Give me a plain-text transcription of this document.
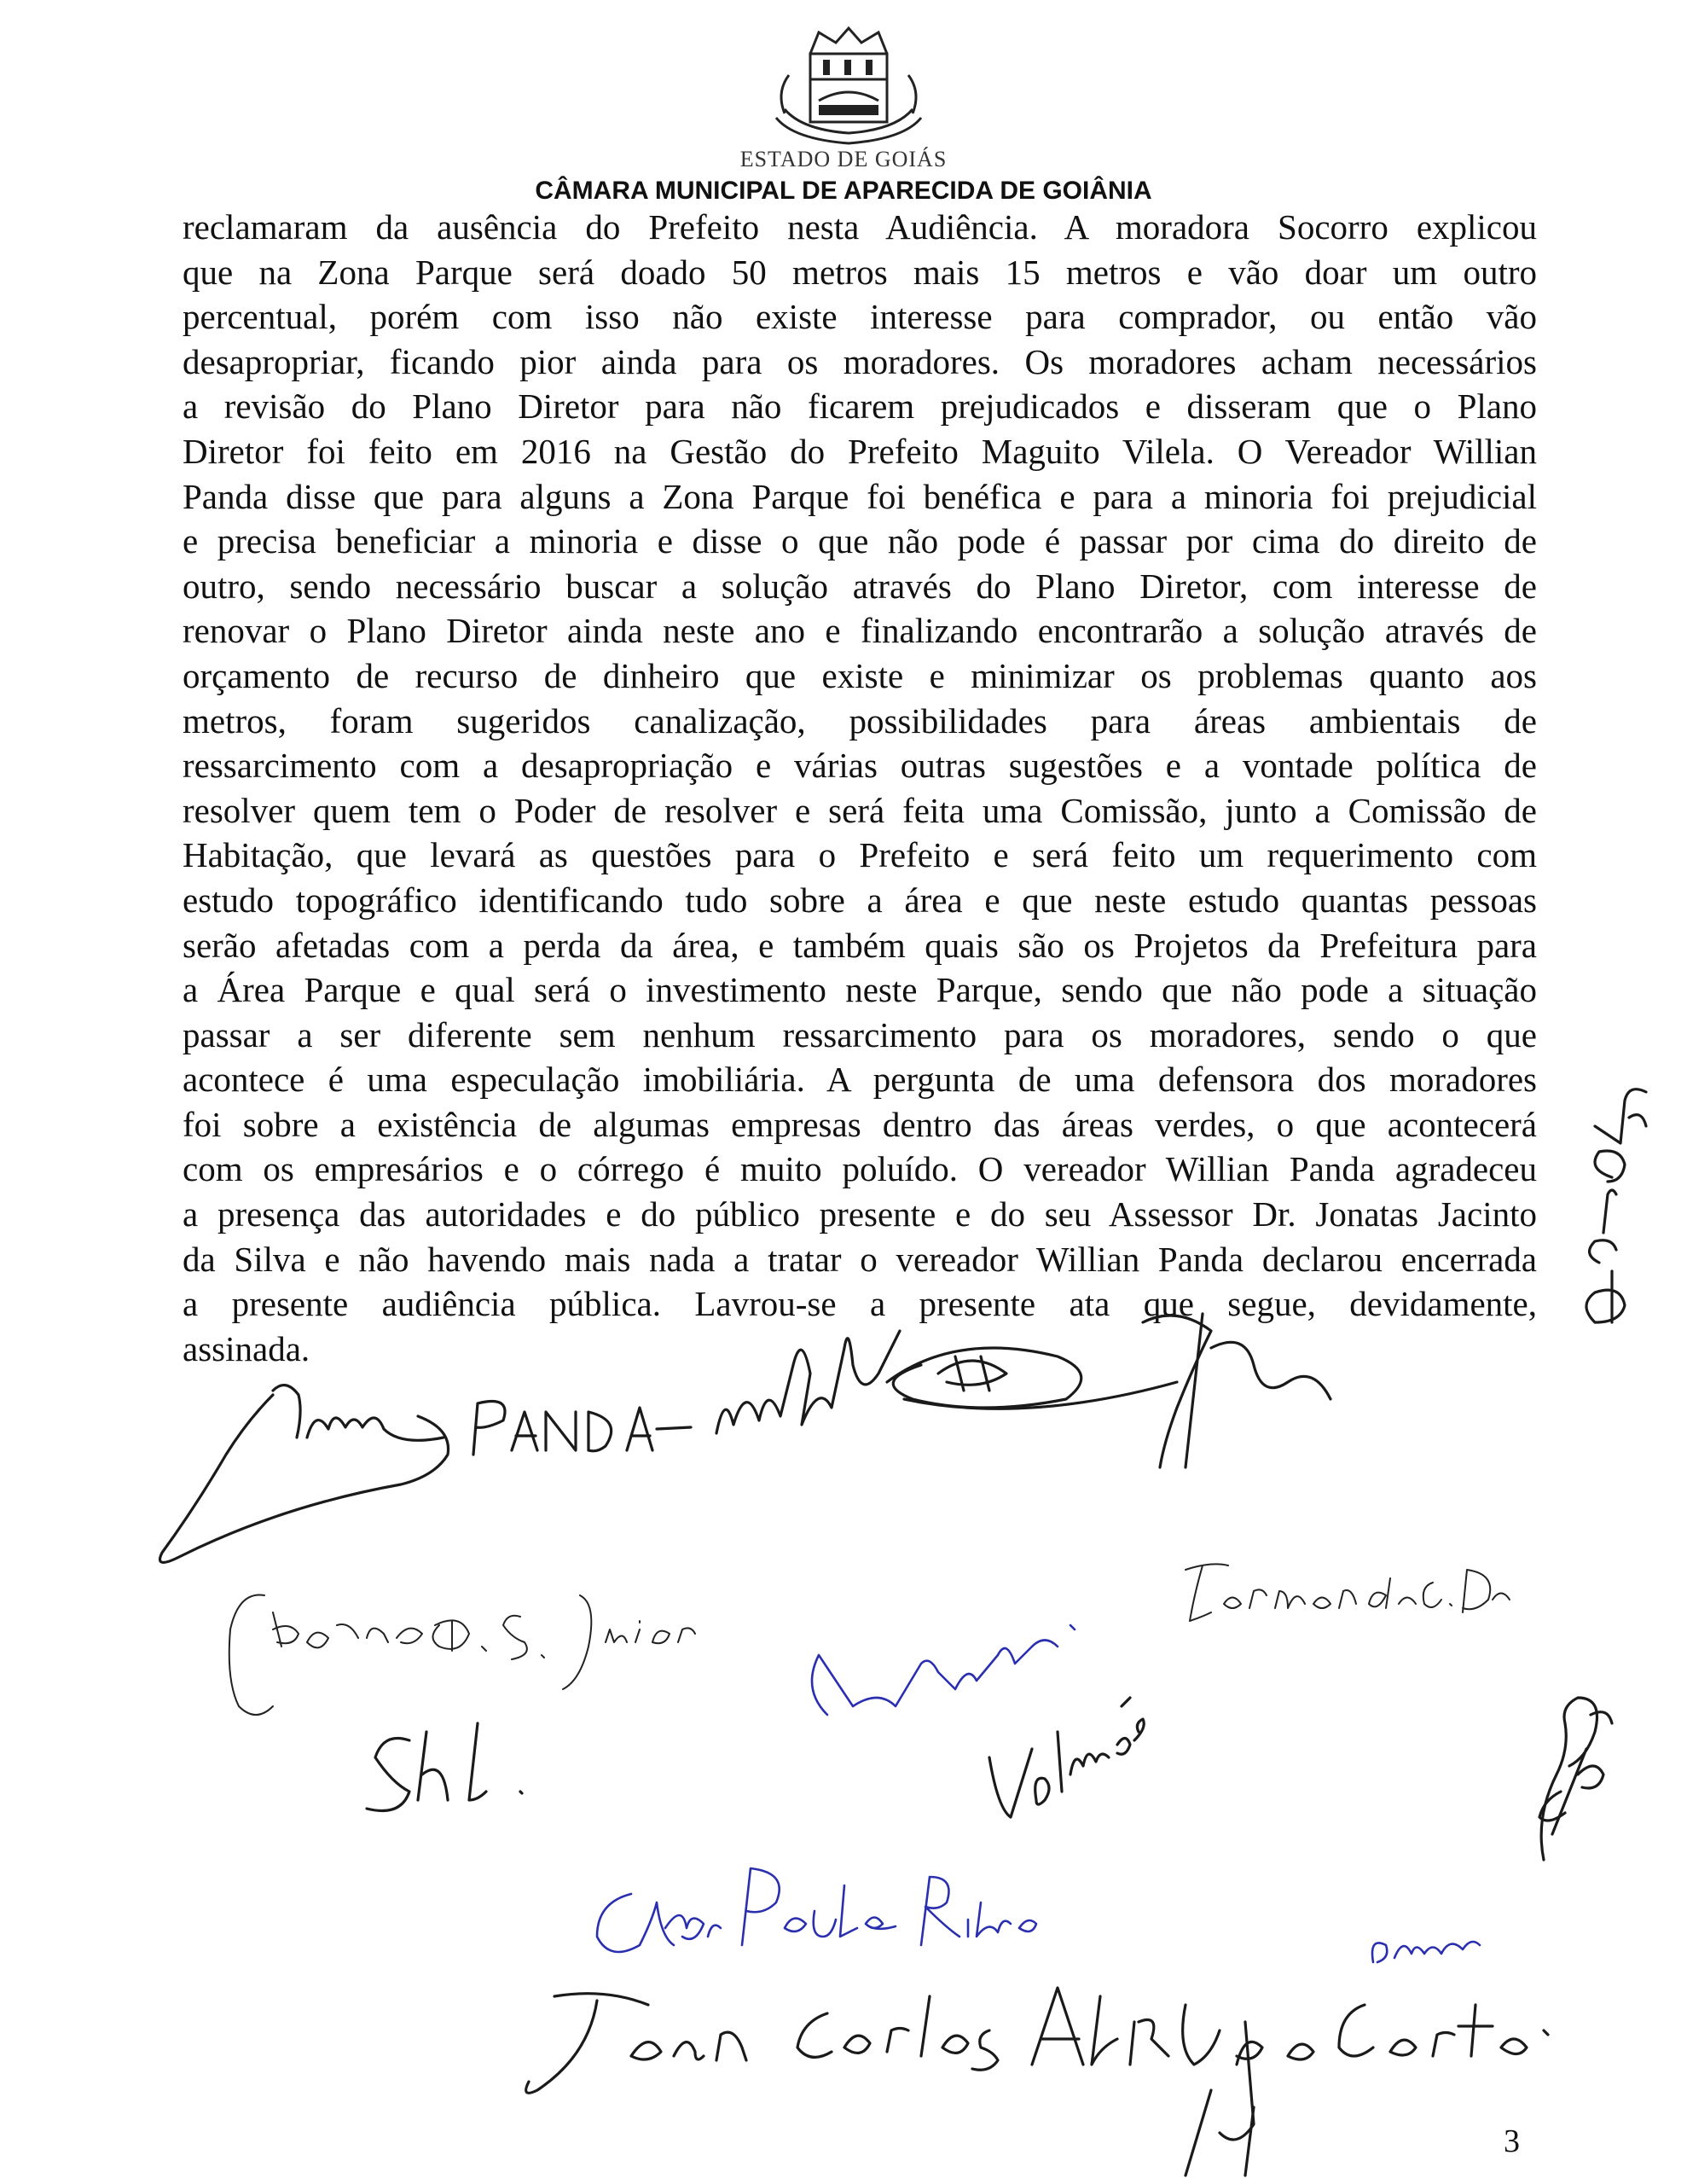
ESTADO DE GOIÁS
CÂMARA MUNICIPAL DE APARECIDA DE GOIÂNIA
reclamaram da ausência do Prefeito nesta Audiência. A moradora Socorro explicou
que na Zona Parque será doado 50 metros mais 15 metros e vão doar um outro
percentual, porém com isso não existe interesse para comprador, ou então vão
desapropriar, ficando pior ainda para os moradores. Os moradores acham necessários
a revisão do Plano Diretor para não ficarem prejudicados e disseram que o Plano
Diretor foi feito em 2016 na Gestão do Prefeito Maguito Vilela. O Vereador Willian
Panda disse que para alguns a Zona Parque foi benéfica e para a minoria foi prejudicial
e precisa beneficiar a minoria e disse o que não pode é passar por cima do direito de
outro, sendo necessário buscar a solução através do Plano Diretor, com interesse de
renovar o Plano Diretor ainda neste ano e finalizando encontrarão a solução através de
orçamento de recurso de dinheiro que existe e minimizar os problemas quanto aos
metros, foram sugeridos canalização, possibilidades para áreas ambientais de
ressarcimento com a desapropriação e várias outras sugestões e a vontade política de
resolver quem tem o Poder de resolver e será feita uma Comissão, junto a Comissão de
Habitação, que levará as questões para o Prefeito e será feito um requerimento com
estudo topográfico identificando tudo sobre a área e que neste estudo quantas pessoas
serão afetadas com a perda da área, e também quais são os Projetos da Prefeitura para
a Área Parque e qual será o investimento neste Parque, sendo que não pode a situação
passar a ser diferente sem nenhum ressarcimento para os moradores, sendo o que
acontece é uma especulação imobiliária. A pergunta de uma defensora dos moradores
foi sobre a existência de algumas empresas dentro das áreas verdes, o que acontecerá
com os empresários e o córrego é muito poluído. O vereador Willian Panda agradeceu
a presença das autoridades e do público presente e do seu Assessor Dr. Jonatas Jacinto
da Silva e não havendo mais nada a tratar o vereador Willian Panda declarou encerrada
a presente audiência pública. Lavrou-se a presente ata que segue, devidamente,
assinada.
3
